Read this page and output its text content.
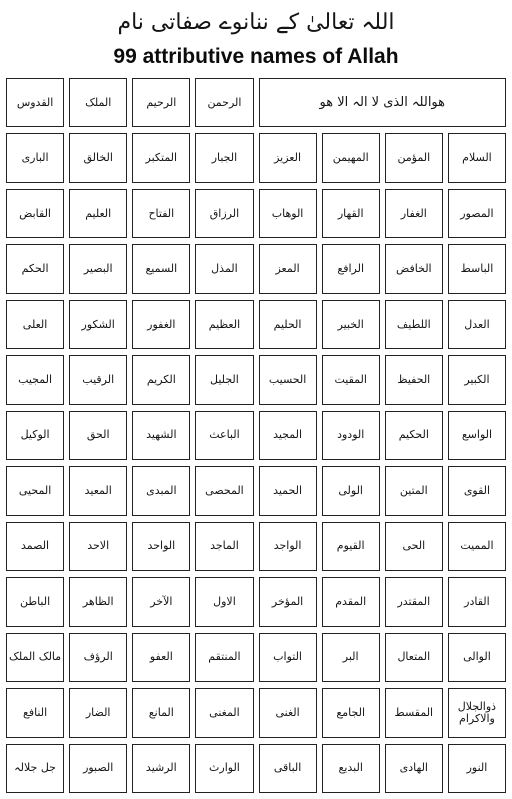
اللہ تعالیٰ کے ننانوے صفاتی نام
99 attributive names of Allah
القدوس	الملک	الرحیم	الرحمن	ھواللہ الذی لا الہ الا ھو
الباری	الخالق	المتکبر	الجبار	العزیز	المھیمن	المؤمن	السلام
القابض	العلیم	الفتاح	الرزاق	الوھاب	القھار	الغفار	المصور
الحکم	البصیر	السمیع	المذل	المعز	الرافع	الخافض	الباسط
العلی	الشکور	الغفور	العظیم	الحلیم	الخبیر	اللطیف	العدل
المجیب	الرقیب	الکریم	الجلیل	الحسیب	المقیت	الحفیظ	الکبیر
الوکیل	الحق	الشھید	الباعث	المجید	الودود	الحکیم	الواسع
المحیی	المعید	المبدی	المحصی	الحمید	الولی	المتین	القوی
الصمد	الاحد	الواحد	الماجد	الواجد	القیوم	الحی	الممیت
الباطن	الظاھر	الآخر	الاول	المؤخر	المقدم	المقتدر	القادر
مالک الملک	الرؤف	العفو	المنتقم	التواب	البر	المتعال	الوالی
النافع	الضار	المانع	المغنی	الغنی	الجامع	المقسط	ذوالجلال والاکرام
جل جلالہ	الصبور	الرشید	الوارث	الباقی	البدیع	الھادی	النور
